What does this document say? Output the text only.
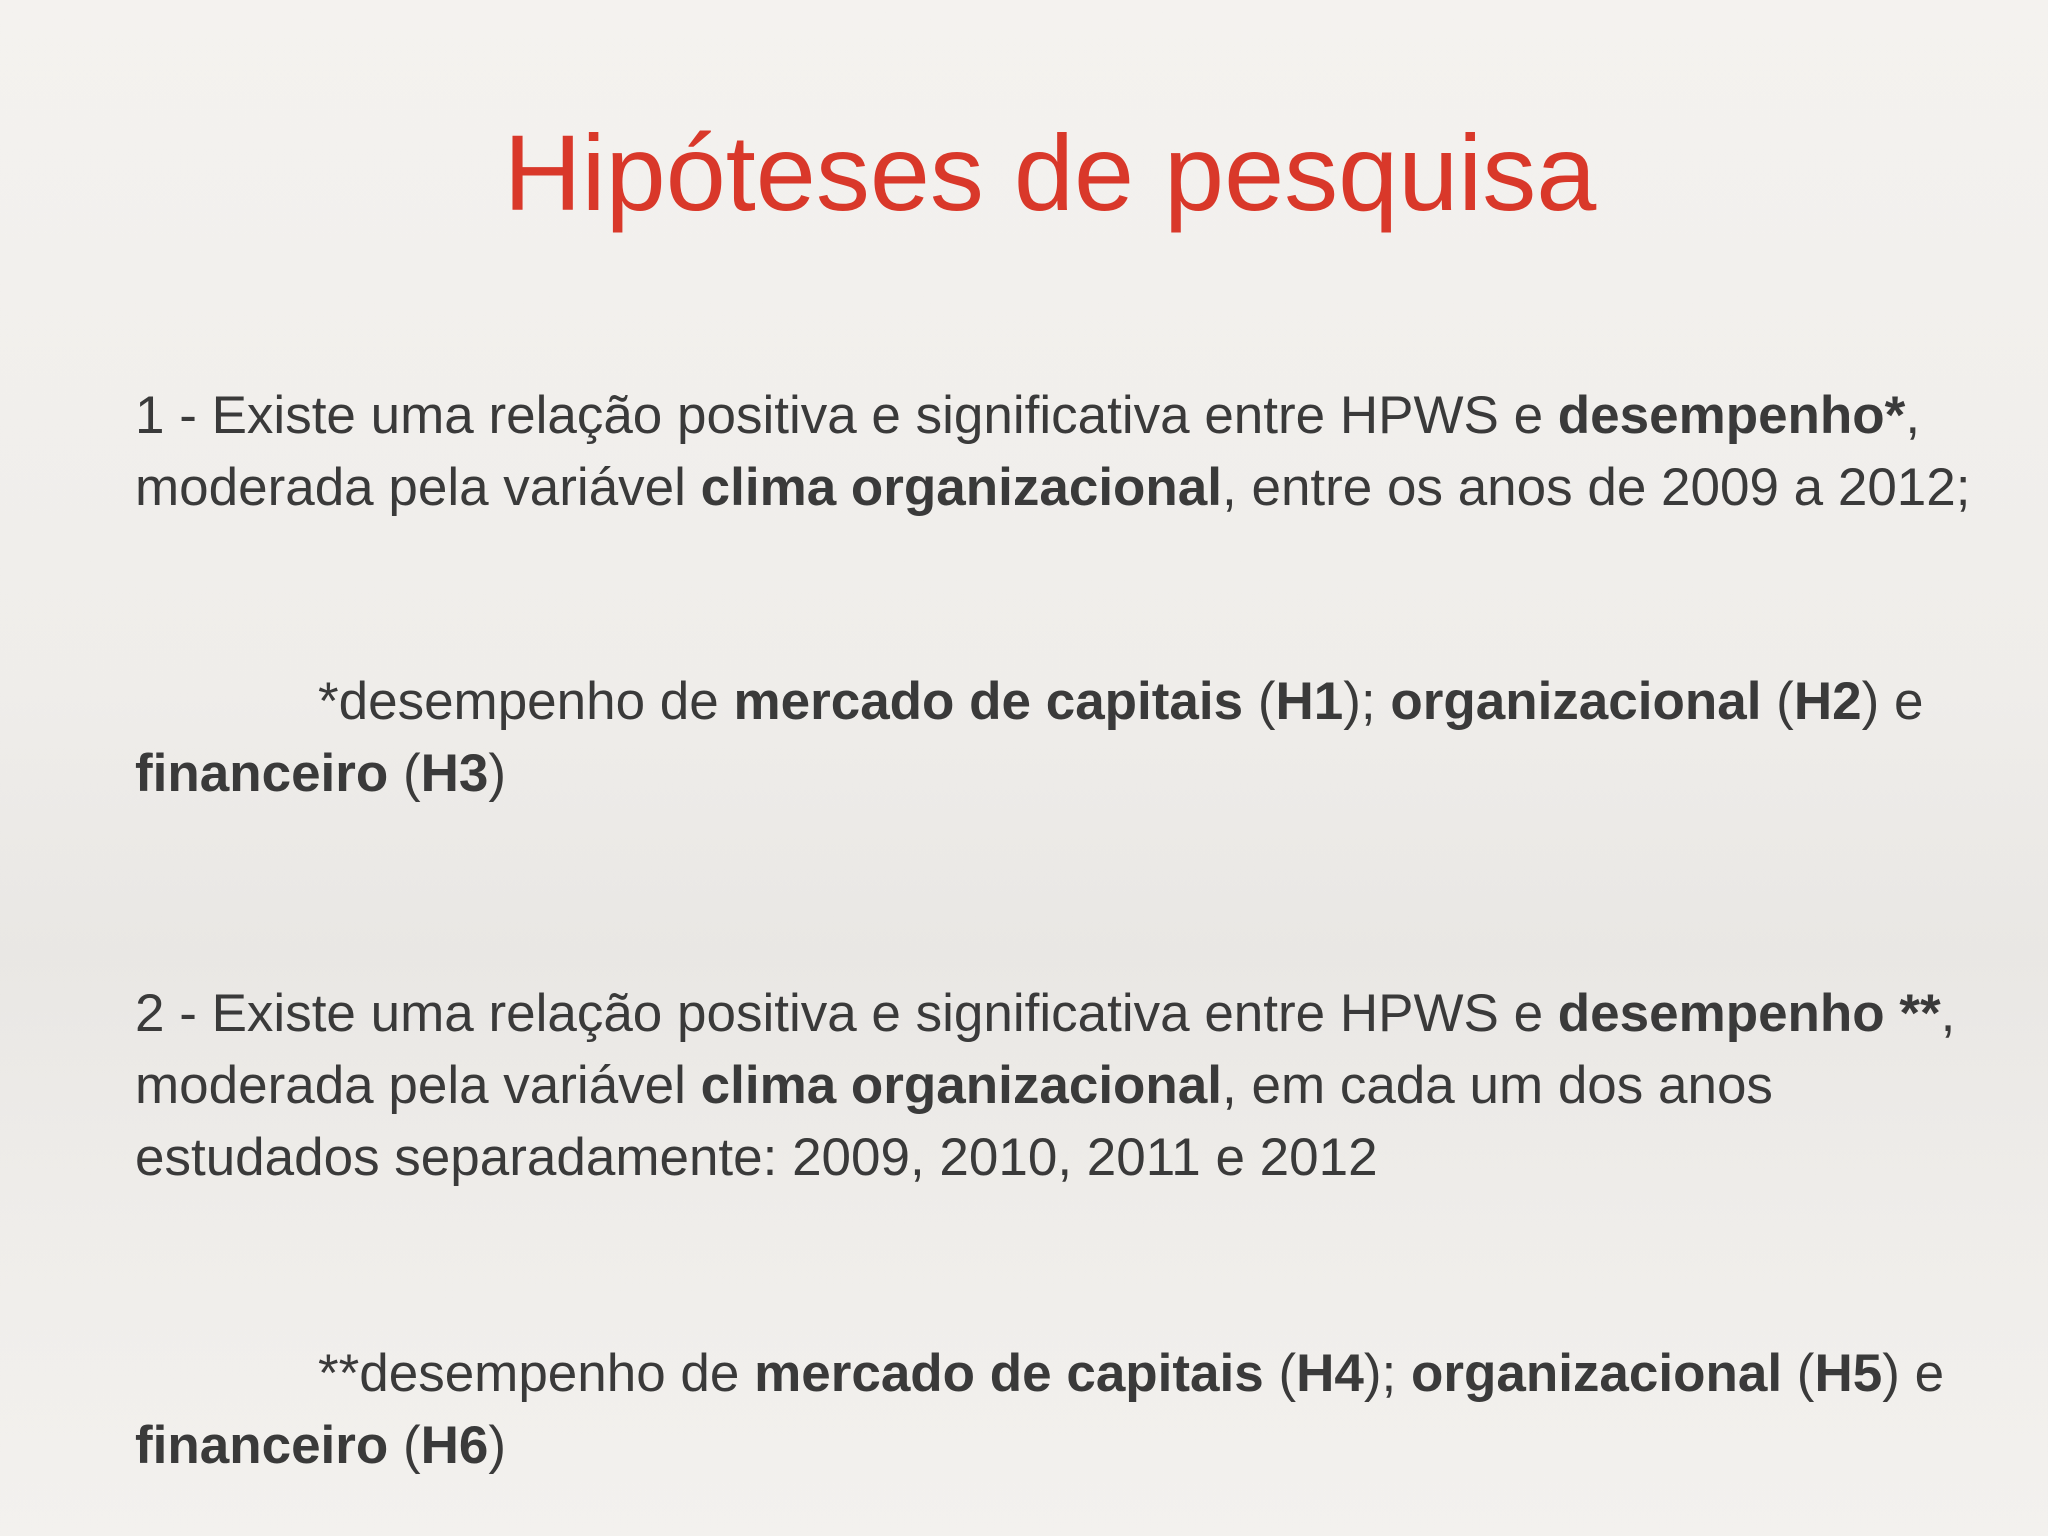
Hipóteses de pesquisa

1 - Existe uma relação positiva e significativa entre HPWS e desempenho*, moderada pela variável clima organizacional, entre os anos de 2009 a 2012;

*desempenho de mercado de capitais (H1); organizacional (H2) e financeiro (H3)

2 - Existe uma relação positiva e significativa entre HPWS e desempenho **, moderada pela variável clima organizacional, em cada um dos anos estudados separadamente: 2009, 2010, 2011 e 2012

**desempenho de mercado de capitais (H4); organizacional (H5) e financeiro (H6)
